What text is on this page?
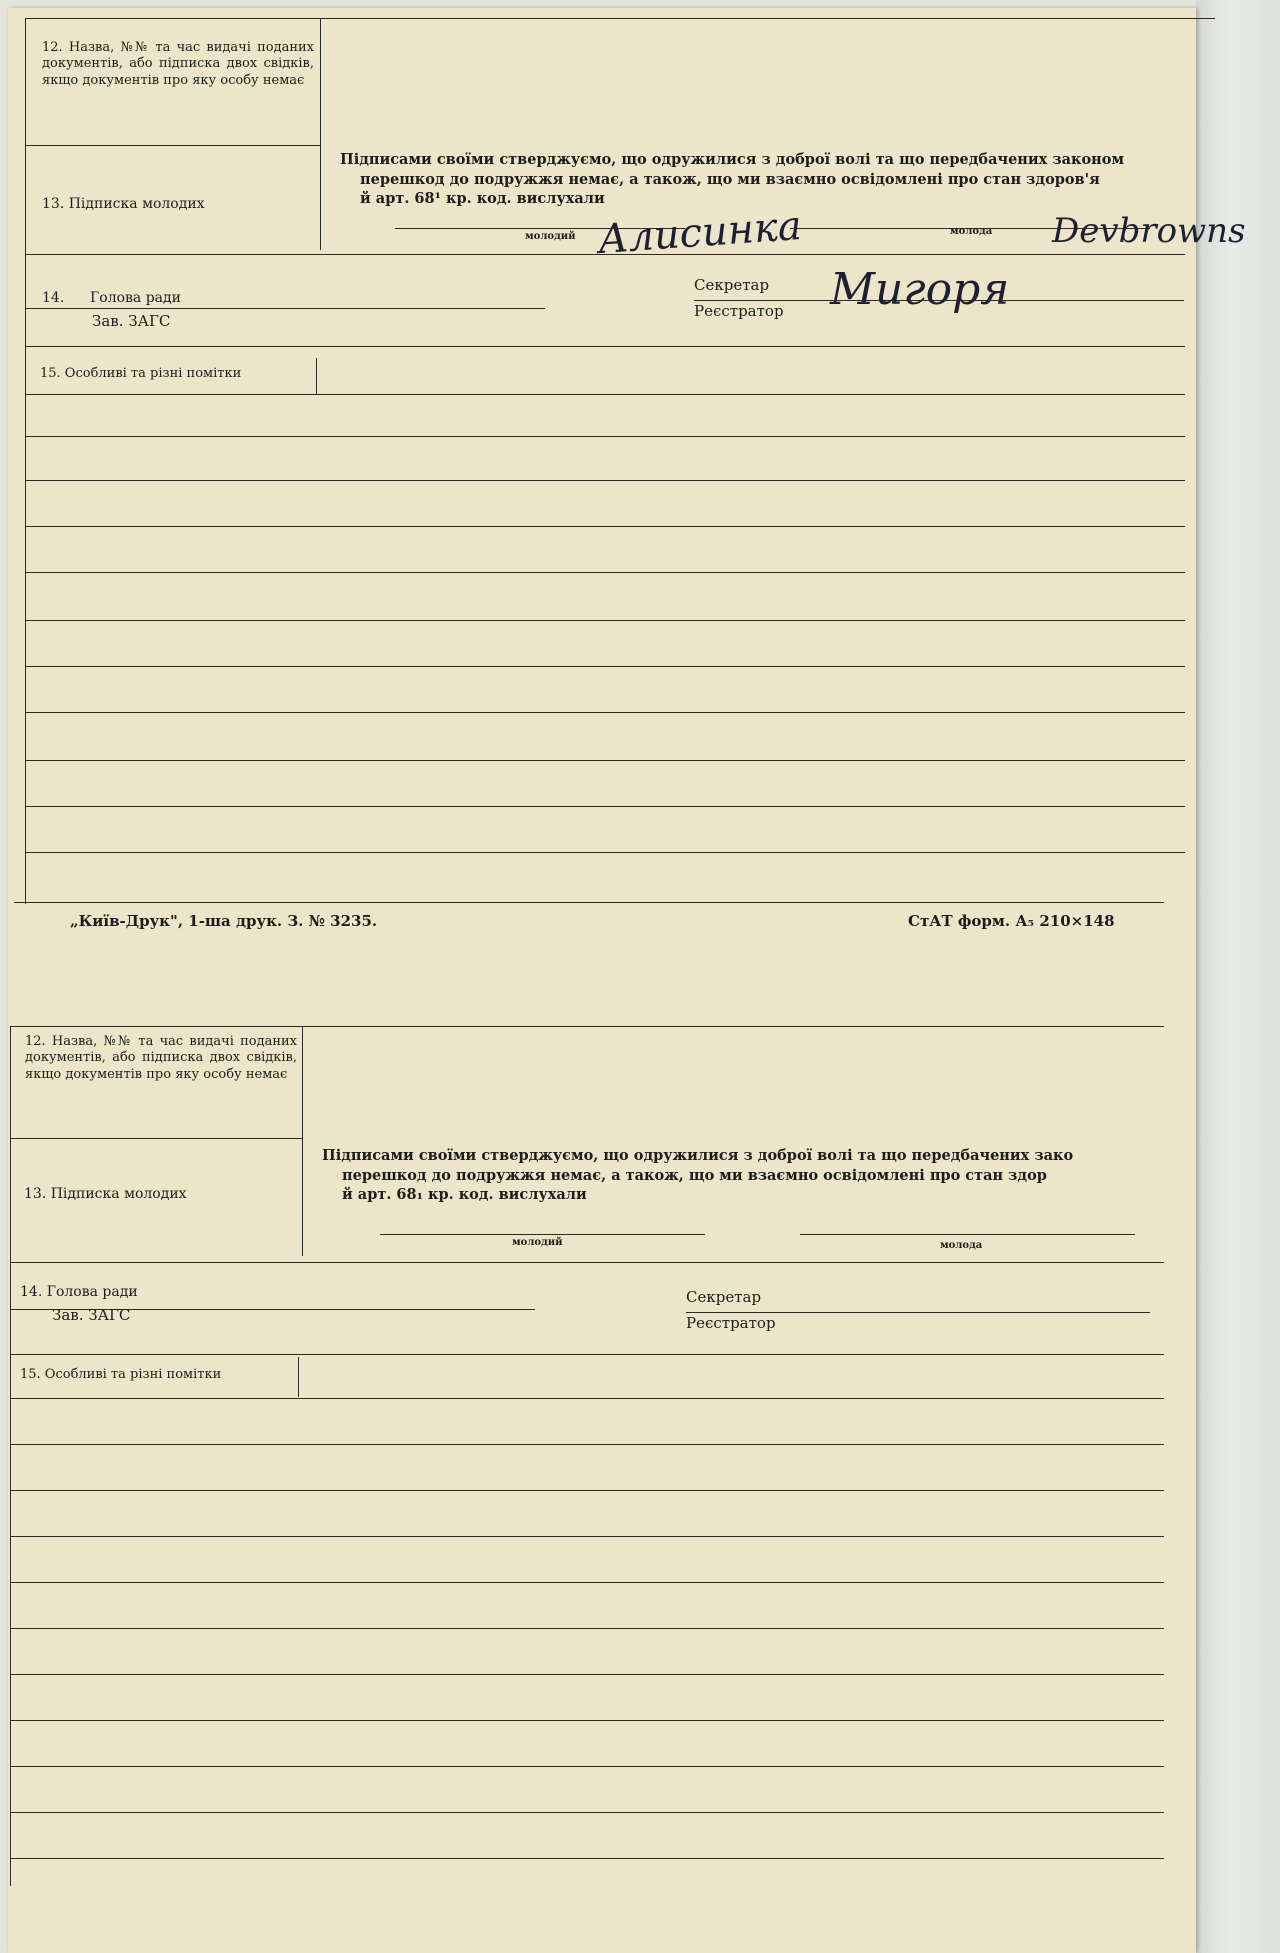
12. Назва, №№ та час видачі поданих документів, або підписка двох свідків, якщо документів про яку особу немає
13. Підписка молодих
Підписами своїми стверджуємо, що одружилися з доброї волі та що передбачених законом
перешкод до подружжя немає, а також, що ми взаємно освідомлені про стан здоров'я
й арт. 68¹ кр. код. вислухали
молодий	молода
Алисинка	Devbrowns
14. Голова ради
Зав. ЗАГС
Секретар
Реєстратор Мигоря
15. Особливі та різні помітки
„Київ-Друк", 1-ша друк. З. № 3235.	СтАТ форм. А₅ 210×148
12. Назва, №№ та час видачі поданих документів, або підписка двох свідків, якщо документів про яку особу немає
13. Підписка молодих
Підписами своїми стверджуємо, що одружилися з доброї волі та що передбачених зако
перешкод до подружжя немає, а також, що ми взаємно освідомлені про стан здор
й арт. 68₁ кр. код. вислухали
молодий	молода
14. Голова ради
Зав. ЗАГС
Секретар
Реєстратор
15. Особливі та різні помітки
